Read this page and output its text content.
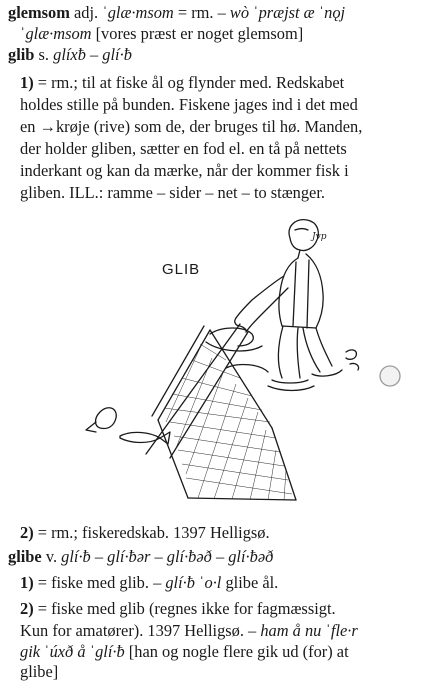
glemsom adj. ˈglæ·msom = rm. – wò ˈpræjst æ ˈnǫj
ˈglæ·msom [vores præst er noget glemsom]
glib s. glíxƀ – glí·ƀ
1) = rm.; til at fiske ål og flynder med. Redskabet
holdes stille på bunden. Fiskene jages ind i det med
en →krøje (rive) som de, der bruges til hø. Manden,
der holder gliben, sætter en fod el. en tå på nettets
inderkant og kan da mærke, når der kommer fisk i
gliben. ILL.: ramme – sider – net – to stænger.
GLIB
Jvp
2) = rm.; fiskeredskab. 1397 Helligsø.
glibe v. glí·ƀ – glí·ƀər – glí·ƀəð – glí·ƀəð
1) = fiske med glib. – glí·ƀ ˈo·l glibe ål.
2) = fiske med glib (regnes ikke for fagmæssigt.
Kun for amatører). 1397 Helligsø. – ham å nu ˈfle·r
gik ˈúxð å ˈglí·ƀ [han og nogle flere gik ud (for) at
glibe]
